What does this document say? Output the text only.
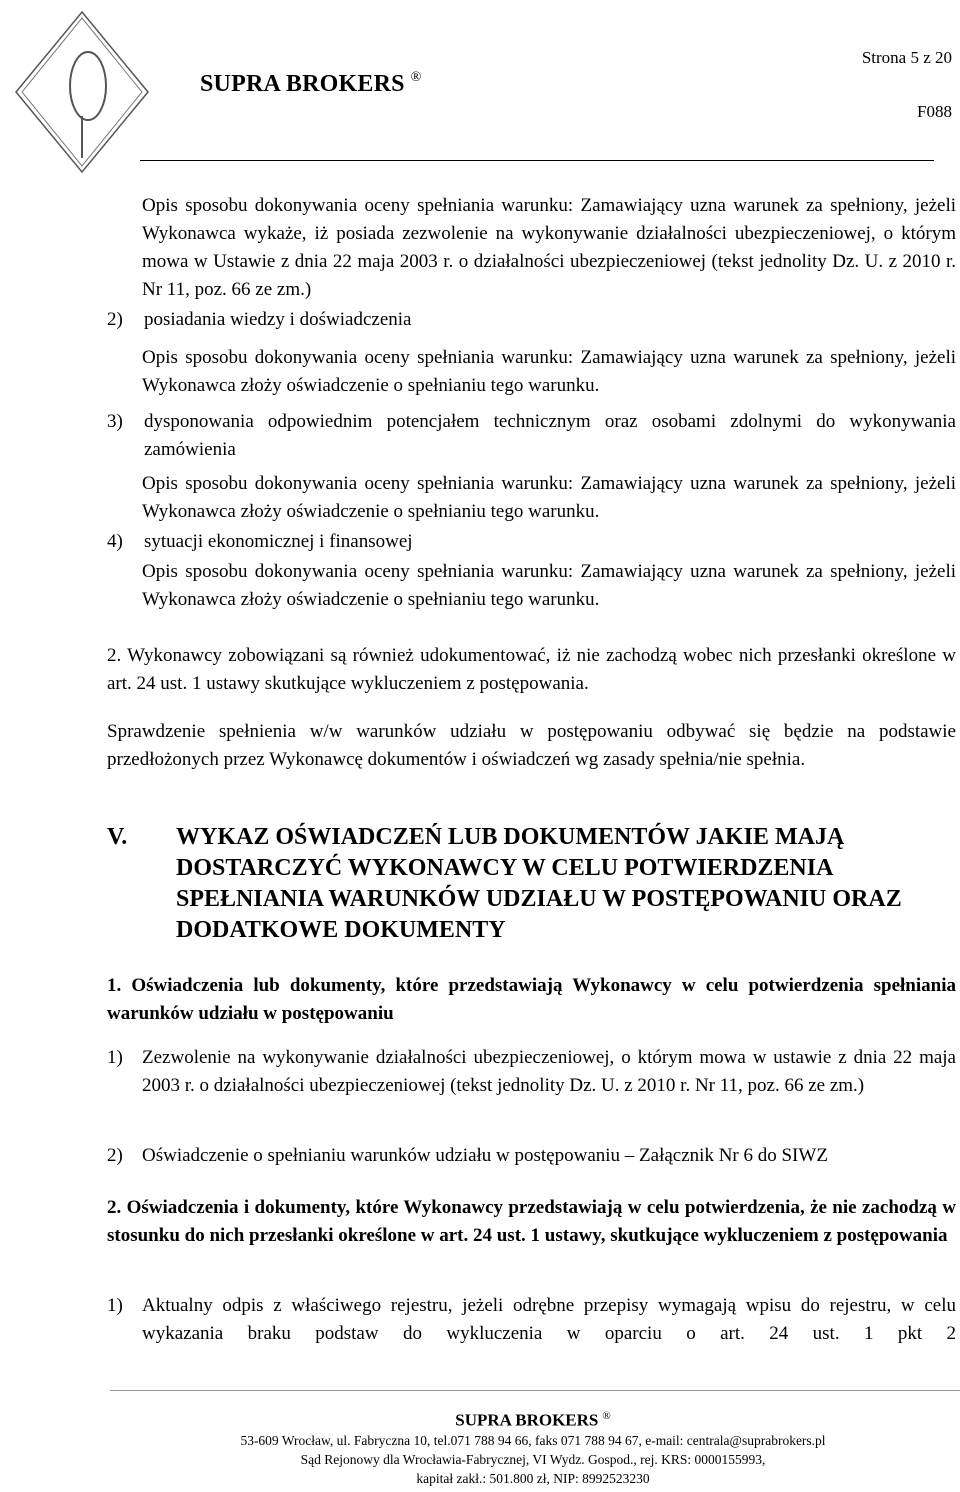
SUPRA BROKERS ®
Strona 5 z 20
F088

Opis sposobu dokonywania oceny spełniania warunku: Zamawiający uzna warunek za spełniony, jeżeli Wykonawca wykaże, iż posiada zezwolenie na wykonywanie działalności ubezpieczeniowej, o którym mowa w Ustawie z dnia 22 maja 2003 r. o działalności ubezpieczeniowej (tekst jednolity Dz. U. z 2010 r. Nr 11, poz. 66 ze zm.)

2) posiadania wiedzy i doświadczenia

Opis sposobu dokonywania oceny spełniania warunku: Zamawiający uzna warunek za spełniony, jeżeli Wykonawca złoży oświadczenie o spełnianiu tego warunku.

3) dysponowania odpowiednim potencjałem technicznym oraz osobami zdolnymi do wykonywania zamówienia

Opis sposobu dokonywania oceny spełniania warunku: Zamawiający uzna warunek za spełniony, jeżeli Wykonawca złoży oświadczenie o spełnianiu tego warunku.

4) sytuacji ekonomicznej i finansowej

Opis sposobu dokonywania oceny spełniania warunku: Zamawiający uzna warunek za spełniony, jeżeli Wykonawca złoży oświadczenie o spełnianiu tego warunku.

2. Wykonawcy zobowiązani są również udokumentować, iż nie zachodzą wobec nich przesłanki określone w art. 24 ust. 1 ustawy skutkujące wykluczeniem z postępowania.

Sprawdzenie spełnienia w/w warunków udziału w postępowaniu odbywać się będzie na podstawie przedłożonych przez Wykonawcę dokumentów i oświadczeń wg zasady spełnia/nie spełnia.

V. WYKAZ OŚWIADCZEŃ LUB DOKUMENTÓW JAKIE MAJĄ DOSTARCZYĆ WYKONAWCY W CELU POTWIERDZENIA SPEŁNIANIA WARUNKÓW UDZIAŁU W POSTĘPOWANIU ORAZ DODATKOWE DOKUMENTY

1. Oświadczenia lub dokumenty, które przedstawiają Wykonawcy w celu potwierdzenia spełniania warunków udziału w postępowaniu

1) Zezwolenie na wykonywanie działalności ubezpieczeniowej, o którym mowa w ustawie z dnia 22 maja 2003 r. o działalności ubezpieczeniowej (tekst jednolity Dz. U. z 2010 r. Nr 11, poz. 66 ze zm.)

2) Oświadczenie o spełnianiu warunków udziału w postępowaniu – Załącznik Nr 6 do SIWZ

2. Oświadczenia i dokumenty, które Wykonawcy przedstawiają w celu potwierdzenia, że nie zachodzą w stosunku do nich przesłanki określone w art. 24 ust. 1 ustawy, skutkujące wykluczeniem z postępowania

1) Aktualny odpis z właściwego rejestru, jeżeli odrębne przepisy wymagają wpisu do rejestru, w celu wykazania braku podstaw do wykluczenia w oparciu o art. 24 ust. 1 pkt 2

SUPRA BROKERS ®
53-609 Wrocław, ul. Fabryczna 10, tel.071 788 94 66, faks 071 788 94 67, e-mail: centrala@suprabrokers.pl
Sąd Rejonowy dla Wrocławia-Fabrycznej, VI Wydz. Gospod., rej. KRS: 0000155993,
kapitał zakł.: 501.800 zł, NIP: 8992523230
